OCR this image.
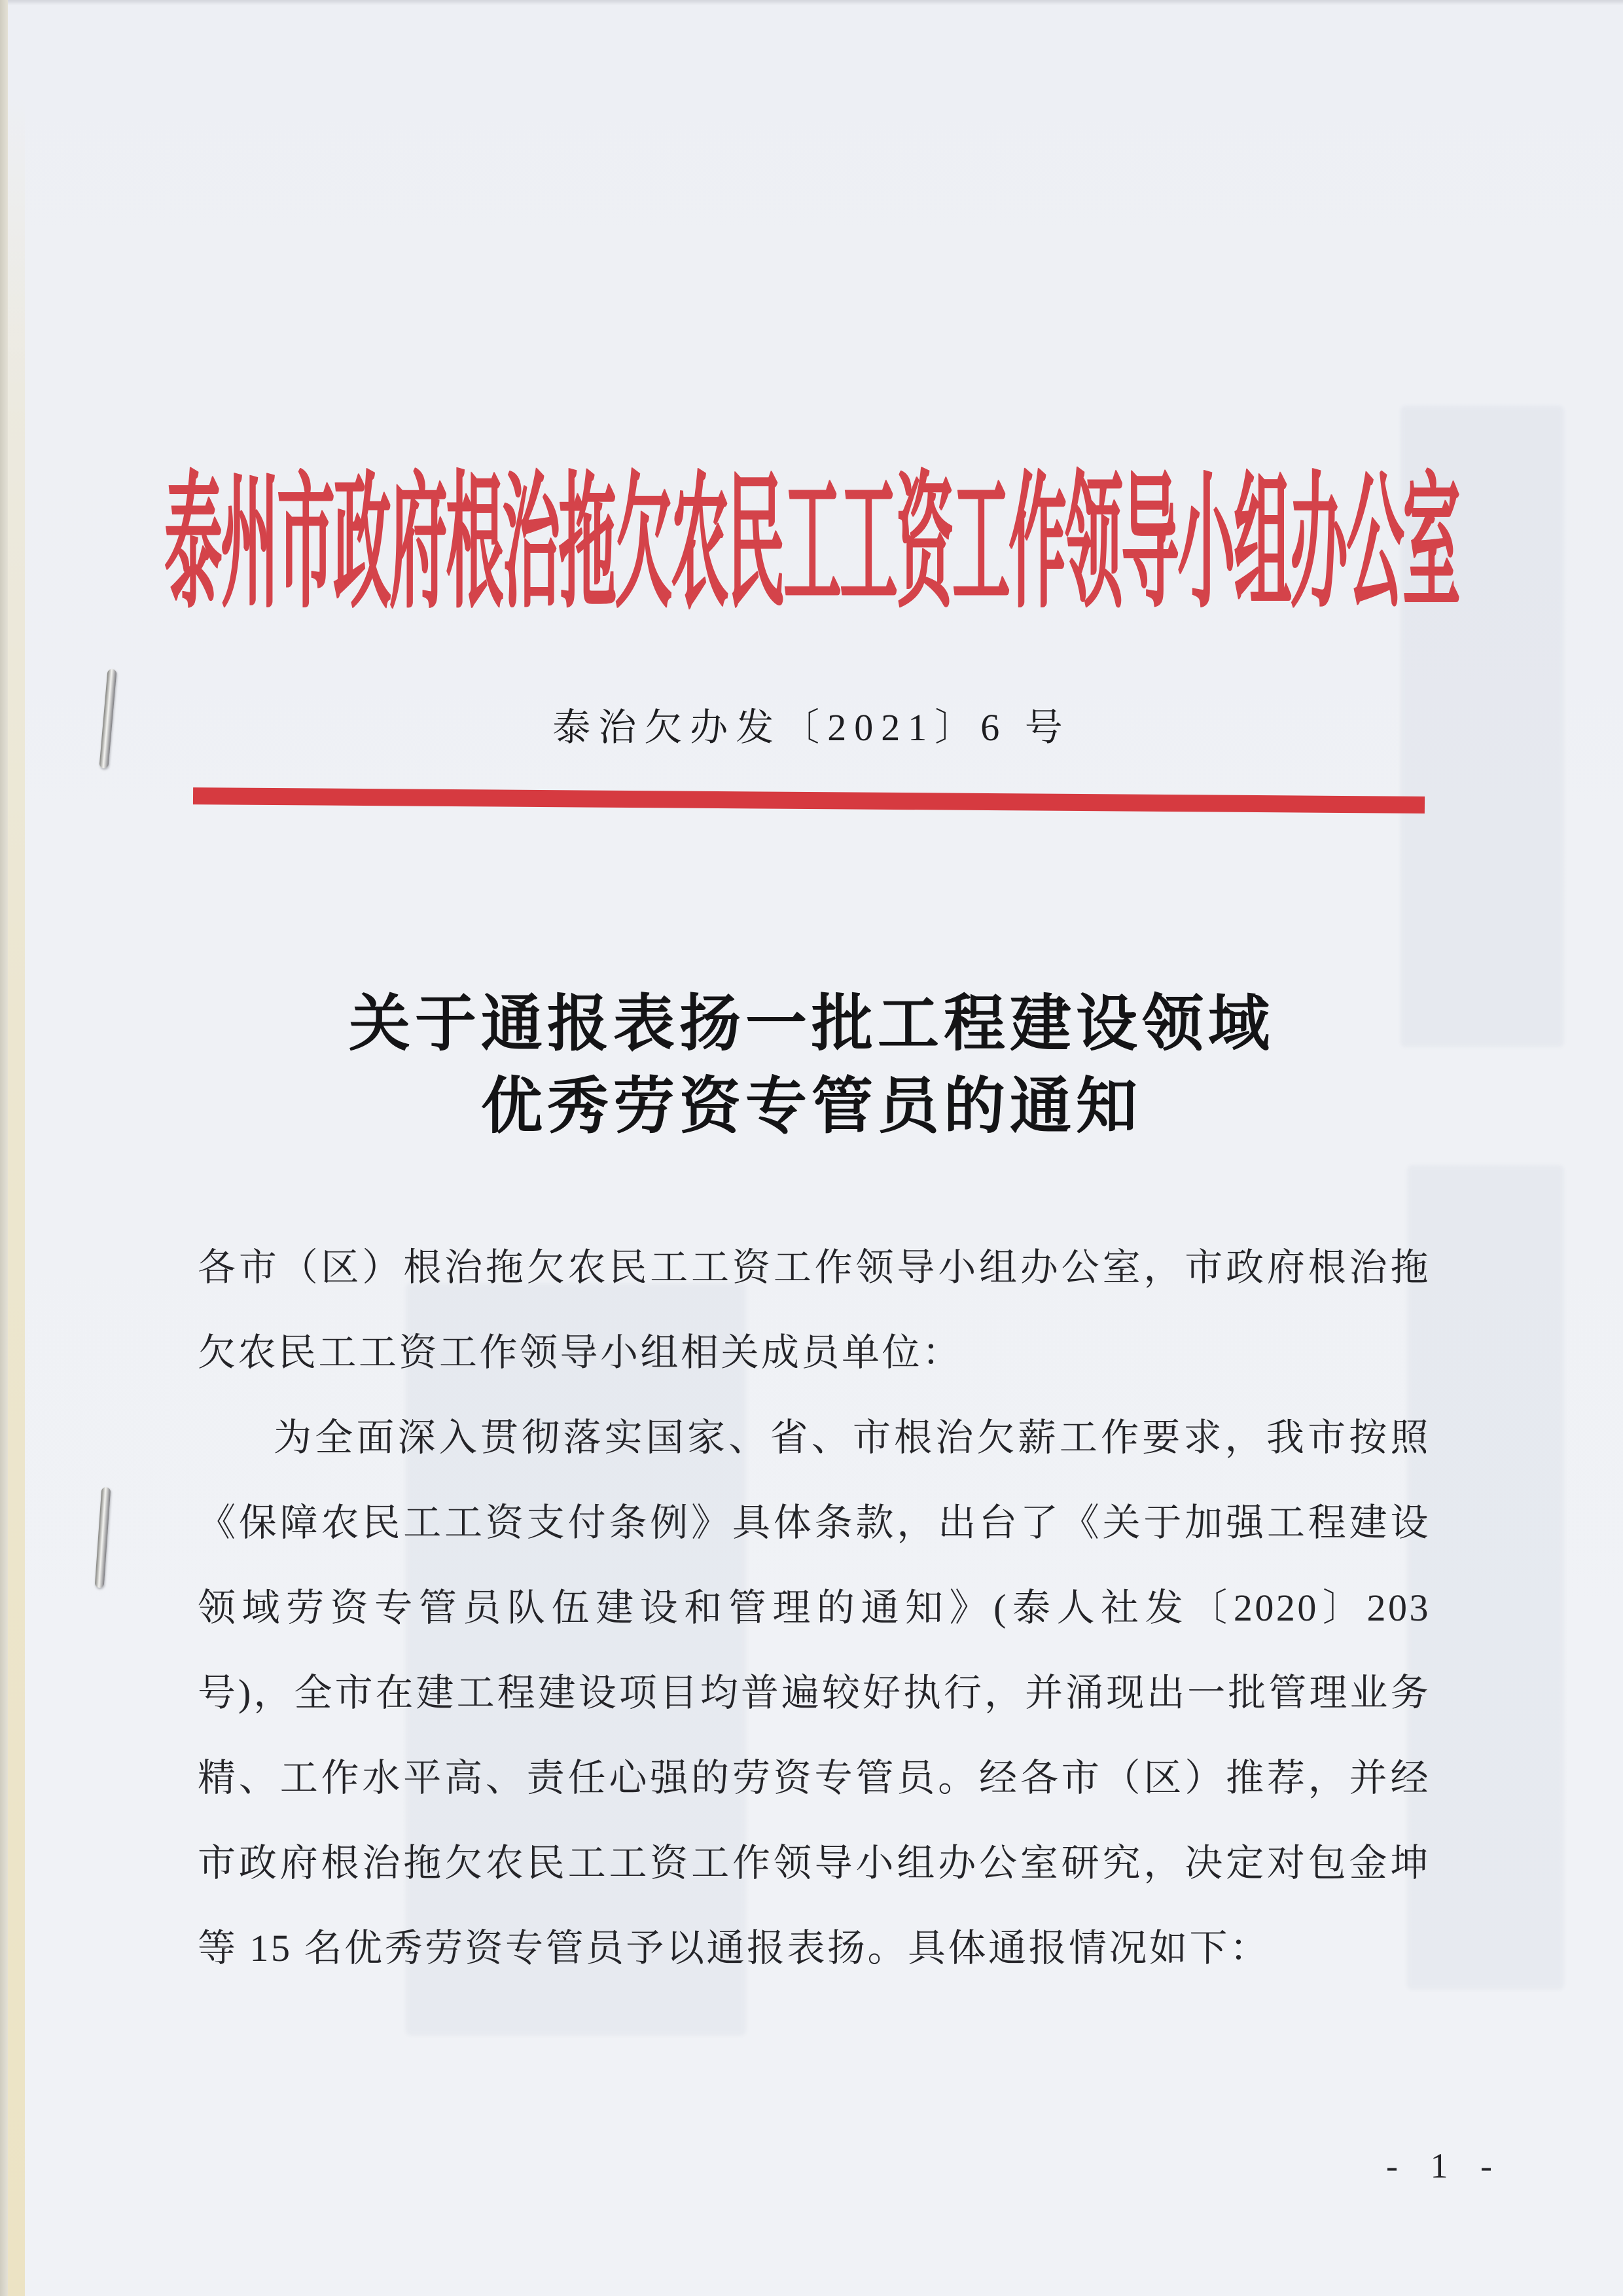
泰州市政府根治拖欠农民工工资工作领导小组办公室
泰治欠办发〔2021〕6 号
关于通报表扬一批工程建设领域
优秀劳资专管员的通知

各市（区）根治拖欠农民工工资工作领导小组办公室，市政府根治拖欠农民工工资工作领导小组相关成员单位：

为全面深入贯彻落实国家、省、市根治欠薪工作要求，我市按照《保障农民工工资支付条例》具体条款，出台了《关于加强工程建设领域劳资专管员队伍建设和管理的通知》(泰人社发〔2020〕203 号)，全市在建工程建设项目均普遍较好执行，并涌现出一批管理业务精、工作水平高、责任心强的劳资专管员。经各市（区）推荐，并经市政府根治拖欠农民工工资工作领导小组办公室研究，决定对包金坤等 15 名优秀劳资专管员予以通报表扬。具体通报情况如下：

- 1 -
